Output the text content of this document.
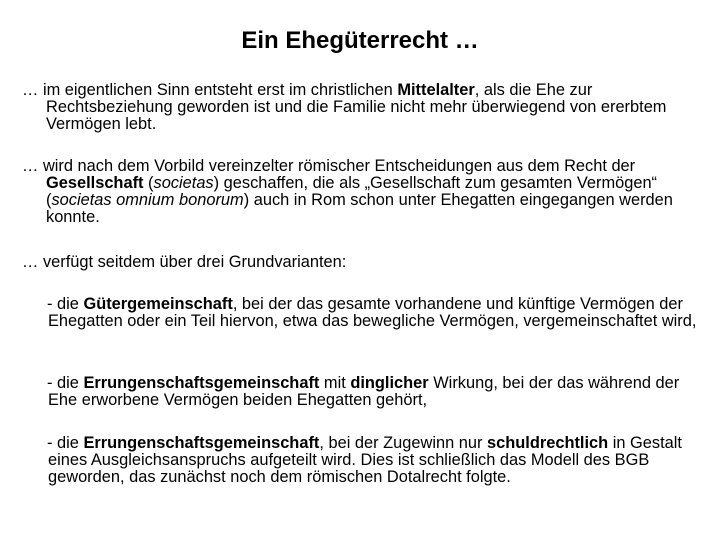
Ein Ehegüterrecht …

… im eigentlichen Sinn entsteht erst im christlichen Mittelalter, als die Ehe zur Rechtsbeziehung geworden ist und die Familie nicht mehr überwiegend von ererbtem Vermögen lebt.

… wird nach dem Vorbild vereinzelter römischer Entscheidungen aus dem Recht der Gesellschaft (societas) geschaffen, die als „Gesellschaft zum gesamten Vermögen“ (societas omnium bonorum) auch in Rom schon unter Ehegatten eingegangen werden konnte.

… verfügt seitdem über drei Grundvarianten:

- die Gütergemeinschaft, bei der das gesamte vorhandene und künftige Vermögen der Ehegatten oder ein Teil hiervon, etwa das bewegliche Vermögen, vergemeinschaftet wird,

- die Errungenschaftsgemeinschaft mit dinglicher Wirkung, bei der das während der Ehe erworbene Vermögen beiden Ehegatten gehört,

- die Errungenschaftsgemeinschaft, bei der Zugewinn nur schuldrechtlich in Gestalt eines Ausgleichsanspruchs aufgeteilt wird. Dies ist schließlich das Modell des BGB geworden, das zunächst noch dem römischen Dotalrecht folgte.
